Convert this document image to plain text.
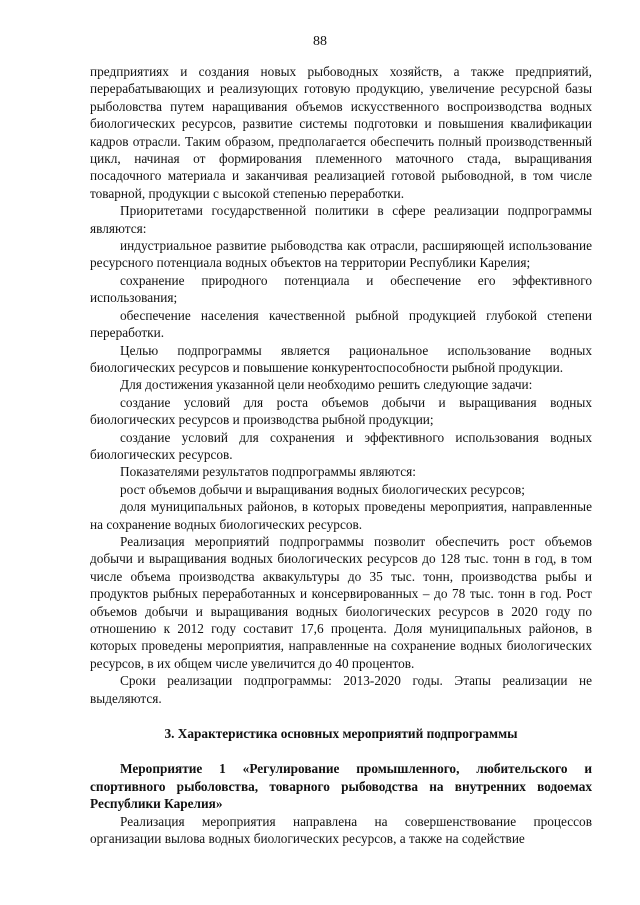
88

предприятиях и создания новых рыбоводных хозяйств, а также предприятий, перерабатывающих и реализующих готовую продукцию, увеличение ресурсной базы рыболовства путем наращивания объемов искусственного воспроизводства водных биологических ресурсов, развитие системы подготовки и повышения квалификации кадров отрасли. Таким образом, предполагается обеспечить полный производственный цикл, начиная от формирования племенного маточного стада, выращивания посадочного материала и заканчивая реализацией готовой рыбоводной, в том числе товарной, продукции с высокой степенью переработки.

Приоритетами государственной политики в сфере реализации подпрограммы являются:

индустриальное развитие рыбоводства как отрасли, расширяющей использование ресурсного потенциала водных объектов на территории Республики Карелия;

сохранение природного потенциала и обеспечение его эффективного использования;

обеспечение населения качественной рыбной продукцией глубокой степени переработки.

Целью подпрограммы является рациональное использование водных биологических ресурсов и повышение конкурентоспособности рыбной продукции.

Для достижения указанной цели необходимо решить следующие задачи:

создание условий для роста объемов добычи и выращивания водных биологических ресурсов и производства рыбной продукции;

создание условий для сохранения и эффективного использования водных биологических ресурсов.

Показателями результатов подпрограммы являются:

рост объемов добычи и выращивания водных биологических ресурсов;

доля муниципальных районов, в которых проведены мероприятия, направленные на сохранение водных биологических ресурсов.

Реализация мероприятий подпрограммы позволит обеспечить рост объемов добычи и выращивания водных биологических ресурсов до 128 тыс. тонн в год, в том числе объема производства аквакультуры до 35 тыс. тонн, производства рыбы и продуктов рыбных переработанных и консервированных – до 78 тыс. тонн в год. Рост объемов добычи и выращивания водных биологических ресурсов в 2020 году по отношению к 2012 году составит 17,6 процента. Доля муниципальных районов, в которых проведены мероприятия, направленные на сохранение водных биологических ресурсов, в их общем числе увеличится до 40 процентов.

Сроки реализации подпрограммы: 2013-2020 годы. Этапы реализации не выделяются.

3. Характеристика основных мероприятий подпрограммы

Мероприятие 1 «Регулирование промышленного, любительского и спортивного рыболовства, товарного рыбоводства на внутренних водоемах Республики Карелия»

Реализация мероприятия направлена на совершенствование процессов организации вылова водных биологических ресурсов, а также на содействие
